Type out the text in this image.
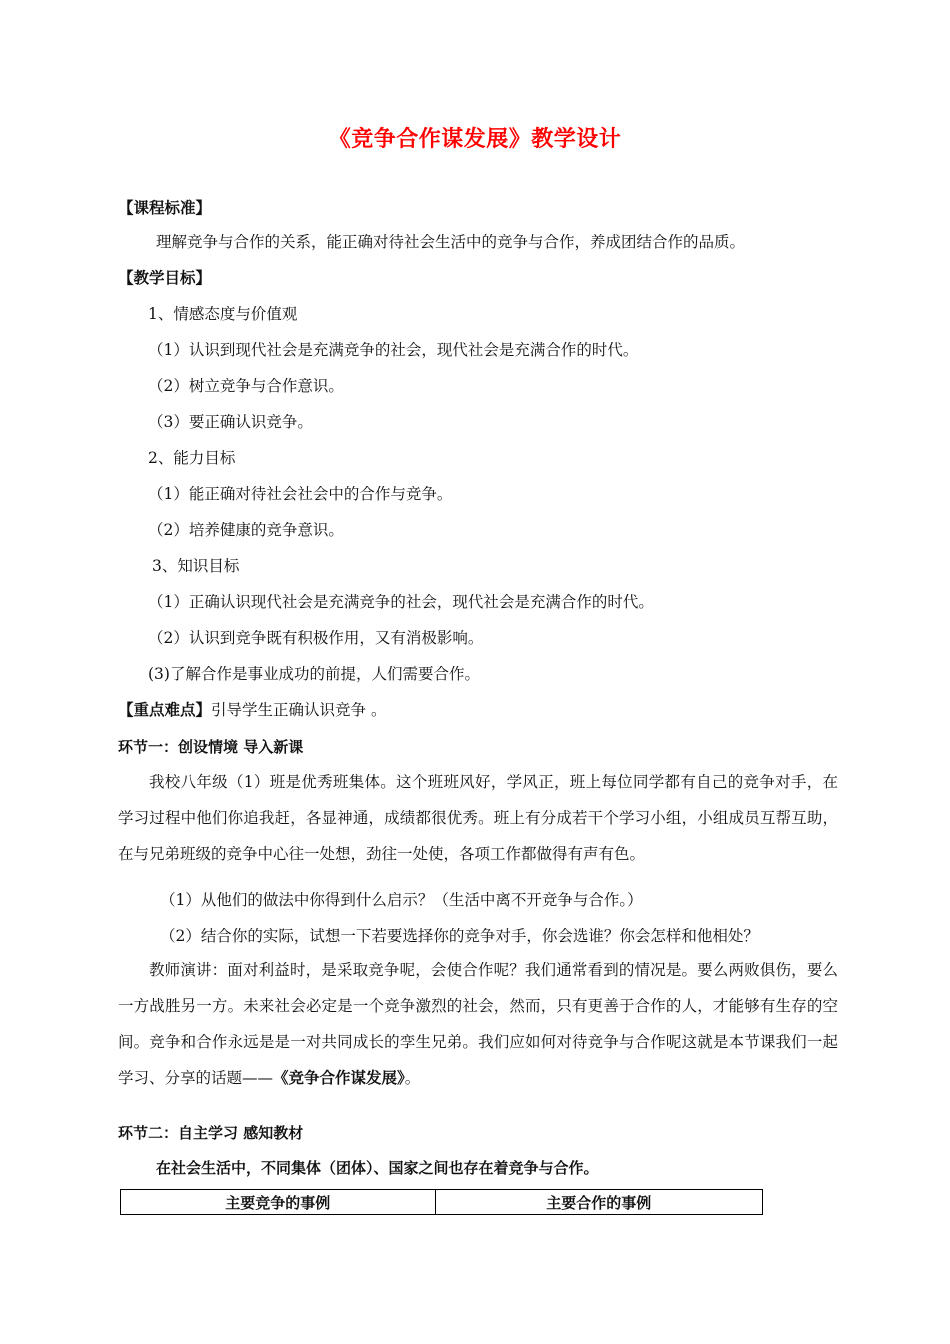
《竞争合作谋发展》教学设计
【课程标准】
理解竞争与合作的关系，能正确对待社会生活中的竞争与合作，养成团结合作的品质。
【教学目标】
1、情感态度与价值观
（1）认识到现代社会是充满竞争的社会，现代社会是充满合作的时代。
（2）树立竞争与合作意识。
（3）要正确认识竞争。
2、能力目标
（1）能正确对待社会社会中的合作与竞争。
（2）培养健康的竞争意识。
3、知识目标
（1）正确认识现代社会是充满竞争的社会，现代社会是充满合作的时代。
（2）认识到竞争既有积极作用，又有消极影响。
(3)了解合作是事业成功的前提，人们需要合作。
【重点难点】引导学生正确认识竞争 。
环节一：创设情境 导入新课
我校八年级（1）班是优秀班集体。这个班班风好，学风正，班上每位同学都有自己的竞争对手，在学习过程中他们你追我赶，各显神通，成绩都很优秀。班上有分成若干个学习小组，小组成员互帮互助，在与兄弟班级的竞争中心往一处想，劲往一处使，各项工作都做得有声有色。
（1）从他们的做法中你得到什么启示？（生活中离不开竞争与合作。）
（2）结合你的实际，试想一下若要选择你的竞争对手，你会选谁？你会怎样和他相处？
教师演讲：面对利益时，是采取竞争呢，会使合作呢？我们通常看到的情况是。要么两败俱伤，要么一方战胜另一方。未来社会必定是一个竞争激烈的社会，然而，只有更善于合作的人，才能够有生存的空间。竞争和合作永远是是一对共同成长的孪生兄弟。我们应如何对待竞争与合作呢这就是本节课我们一起学习、分享的话题——《竞争合作谋发展》。
环节二：自主学习 感知教材
在社会生活中，不同集体（团体）、国家之间也存在着竞争与合作。
主要竞争的事例	主要合作的事例
